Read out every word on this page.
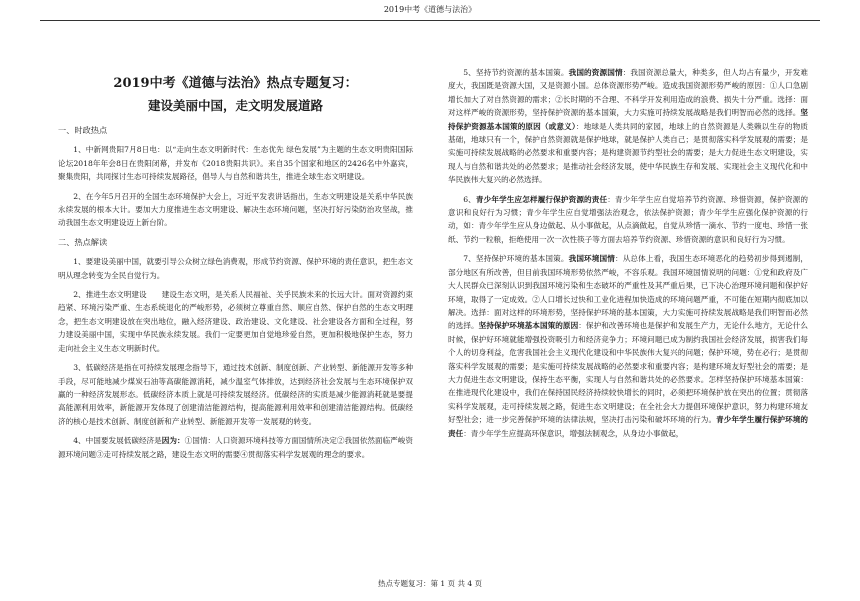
2019中考《道德与法治》
一、时政热点

1、中新网贵阳7月8日电：以“走向生态文明新时代：生态优先 绿色发展”为主题的生态文明贵阳国际论坛2018年年会8日在贵阳闭幕，并发布《2018贵阳共识》。来自35个国家和地区的2426名中外嘉宾，聚集贵阳，共同探讨生态可持续发展路径，倡导人与自然和谐共生，推进全球生态文明建设。

2、在今年5月召开的全国生态环境保护大会上，习近平发表讲话指出，生态文明建设是关系中华民族永续发展的根本大计。要加大力度推进生态文明建设、解决生态环境问题，坚决打好污染防治攻坚战，推动我国生态文明建设迈上新台阶。

二、热点解读

1、要建设美丽中国，就要引导公众树立绿色消费观，形成节约资源、保护环境的责任意识，把生态文明从理念转变为全民自觉行为。

2、推进生态文明建设　　建设生态文明，是关系人民福祉、关乎民族未来的长远大计。面对资源约束趋紧、环境污染严重、生态系统退化的严峻形势，必须树立尊重自然、顺应自然、保护自然的生态文明理念，把生态文明建设放在突出地位，融入经济建设、政治建设、文化建设、社会建设各方面和全过程，努力建设美丽中国，实现中华民族永续发展。我们一定要更加自觉地珍爱自然，更加积极地保护生态，努力走向社会主义生态文明新时代。

3、低碳经济是指在可持续发展理念指导下，通过技术创新、制度创新、产业转型、新能源开发等多种手段，尽可能地减少煤炭石油等高碳能源消耗，减少温室气体排放，达到经济社会发展与生态环境保护双赢的一种经济发展形态。低碳经济本质上就是可持续发展经济。低碳经济的实质是减少能源消耗就是要提高能源利用效率，新能源开发体现了创建清洁能源结构，提高能源利用效率和创建清洁能源结构。低碳经济的核心是技术创新、制度创新和产业转型、新能源开发等一发展观的转变。

4、中国要发展低碳经济是因为：①国情：人口资源环境科技等方面国情所决定②我国依然面临严峻资源环境问题③走可持续发展之路，建设生态文明的需要④贯彻落实科学发展观的理念的要求。

2019中考《道德与法治》热点专题复习：
建设美丽中国，走文明发展道路

5、坚持节约资源的基本国策。我国的资源国情：我国资源总量大，种类多，但人均占有量少，开发难度大，我国既是资源大国，又是资源小国。总体资源形势严峻。造成我国资源形势严峻的原因：①人口急剧增长加大了对自然资源的需求；②长时期的不合理、不科学开发利用造成的浪费、损失十分严重。选择：面对这样严峻的资源形势，坚持保护资源的基本国策，大力实施可持续发展战略是我们明智而必然的选择。坚持保护资源基本国策的原因（或意义）：地球是人类共同的家园，地球上的自然资源是人类赖以生存的物质基础，地球只有一个，保护自然资源就是保护地球，就是保护人类自己；是贯彻落实科学发展观的需要；是实施可持续发展战略的必然要求和重要内容；是构建资源节约型社会的需要；是大力促进生态文明建设，实现人与自然和谐共处的必然要求；是推动社会经济发展，使中华民族生存和发展、实现社会主义现代化和中华民族伟大复兴的必然选择。

6、青少年学生应怎样履行保护资源的责任：青少年学生应自觉培养节约资源、珍惜资源，保护资源的意识和良好行为习惯；青少年学生应自觉增强法治观念，依法保护资源；青少年学生应强化保护资源的行动，如：青少年学生应从身边做起、从小事做起，从点滴做起，自觉从珍惜一滴水、节约一度电、珍惜一张纸、节约一粒粮，拒绝使用一次一次性筷子等方面去培养节约资源、珍惜资源的意识和良好行为习惯。

7、坚持保护环境的基本国策。我国环境国情：从总体上看，我国生态环境恶化的趋势初步得到遏制，部分地区有所改善，但目前我国环境形势依然严峻，不容乐观。我国环境国情说明的问题：①党和政府及广大人民群众已深刻认识到我国环境污染和生态破坏的严重性及其严重后果，已下决心治理环境问题和保护好环境，取得了一定成效。②人口增长过快和工业化进程加快造成的环境问题严重，不可能在短期内彻底加以解决。选择：面对这样的环境形势，坚持保护环境的基本国策，大力实施可持续发展战略是我们明智而必然的选择。坚持保护环境基本国策的原因：保护和改善环境也是保护和发展生产力，无论什么地方，无论什么时候，保护好环境就能增强投资吸引力和经济竞争力；环境问题已成为制约我国社会经济发展，损害我们每个人的切身利益，危害我国社会主义现代化建设和中华民族伟大复兴的问题；保护环境，势在必行；是贯彻落实科学发展观的需要；是实施可持续发展战略的必然要求和重要内容；是构建环境友好型社会的需要；是大力促进生态文明建设，保持生态平衡，实现人与自然和谐共处的必然要求。怎样坚持保护环境基本国策：在推进现代化建设中，我们在保持国民经济持续较快增长的同时，必须把环境保护放在突出的位置；贯彻落实科学发展观，走可持续发展之路，促进生态文明建设；在全社会大力提倡环境保护意识，努力构建环境友好型社会；进一步完善保护环境的法律法规，坚决打击污染和破坏环境的行为。青少年学生履行保护环境的责任：青少年学生应提高环保意识，增强法制观念，从身边小事做起，

热点专题复习：第 1 页 共 4 页
